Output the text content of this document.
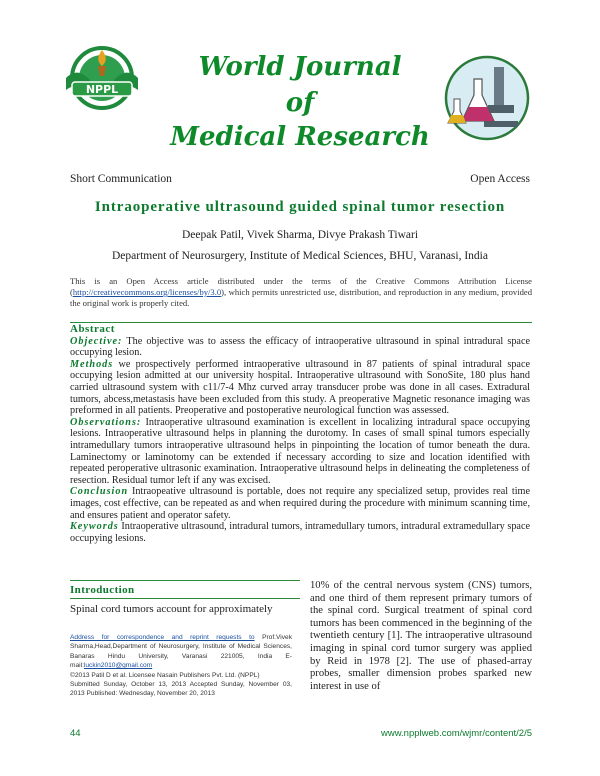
NPPL
World Journal
of
Medical Research
Short Communication	Open Access
Intraoperative ultrasound guided spinal tumor resection
Deepak Patil, Vivek Sharma, Divye Prakash Tiwari
Department of Neurosurgery, Institute of Medical Sciences, BHU, Varanasi, India
This is an Open Access article distributed under the terms of the Creative Commons Attribution License (http://creativecommons.org/licenses/by/3.0), which permits unrestricted use, distribution, and reproduction in any medium, provided the original work is properly cited.

Abstract

Objective: The objective was to assess the efficacy of intraoperative ultrasound in spinal intradural space occupying lesion.

Methods we prospectively performed intraoperative ultrasound in 87 patients of spinal intradural space occupying lesion admitted at our university hospital. Intraoperative ultrasound with SonoSite, 180 plus hand carried ultrasound system with c11/7-4 Mhz curved array transducer probe was done in all cases. Extradural tumors, abcess,metastasis have been excluded from this study. A preoperative Magnetic resonance imaging was preformed in all patients. Preoperative and postoperative neurological function was assessed.

Observations: Intraoperative ultrasound examination is excellent in localizing intradural space occupying lesions. Intraoperative ultrasound helps in planning the durotomy. In cases of small spinal tumors especially intramedullary tumors intraoperative ultrasound helps in pinpointing the location of tumor beneath the dura. Laminectomy or laminotomy can be extended if necessary according to size and location identified with repeated peroperative ultrasonic examination. Intraoperative ultrasound helps in delineating the completeness of resection. Residual tumor left if any was excised.

Conclusion Intraopeative ultrasound is portable, does not require any specialized setup, provides real time images, cost effective, can be repeated as and when required during the procedure with minimum scanning time, and ensures patient and operator safety.

Keywords Intraoperative ultrasound, intradural tumors, intramedullary tumors, intradural extramedullary space occupying lesions.

Introduction
Spinal cord tumors account for approximately
Address for correspondence and reprint requests to Prof.Vivek Sharma,Head,Department of Neurosurgery, Institute of Medical Sciences, Banaras Hindu University, Varanasi 221005, India E-mail:luckin2010@gmail.com
©2013 Patil D et al. Licensee Nasain Publishers Pvt. Ltd. (NPPL)
Submitted Sunday, October 13, 2013 Accepted Sunday, November 03, 2013 Published: Wednesday, November 20, 2013
10% of the central nervous system (CNS) tumors, and one third of them represent primary tumors of the spinal cord. Surgical treatment of spinal cord tumors has been commenced in the beginning of the twentieth century [1]. The intraoperative ultrasound imaging in spinal cord tumor surgery was applied by Reid in 1978 [2]. The use of phased-array probes, smaller dimension probes sparked new interest in use of
44	www.npplweb.com/wjmr/content/2/5
